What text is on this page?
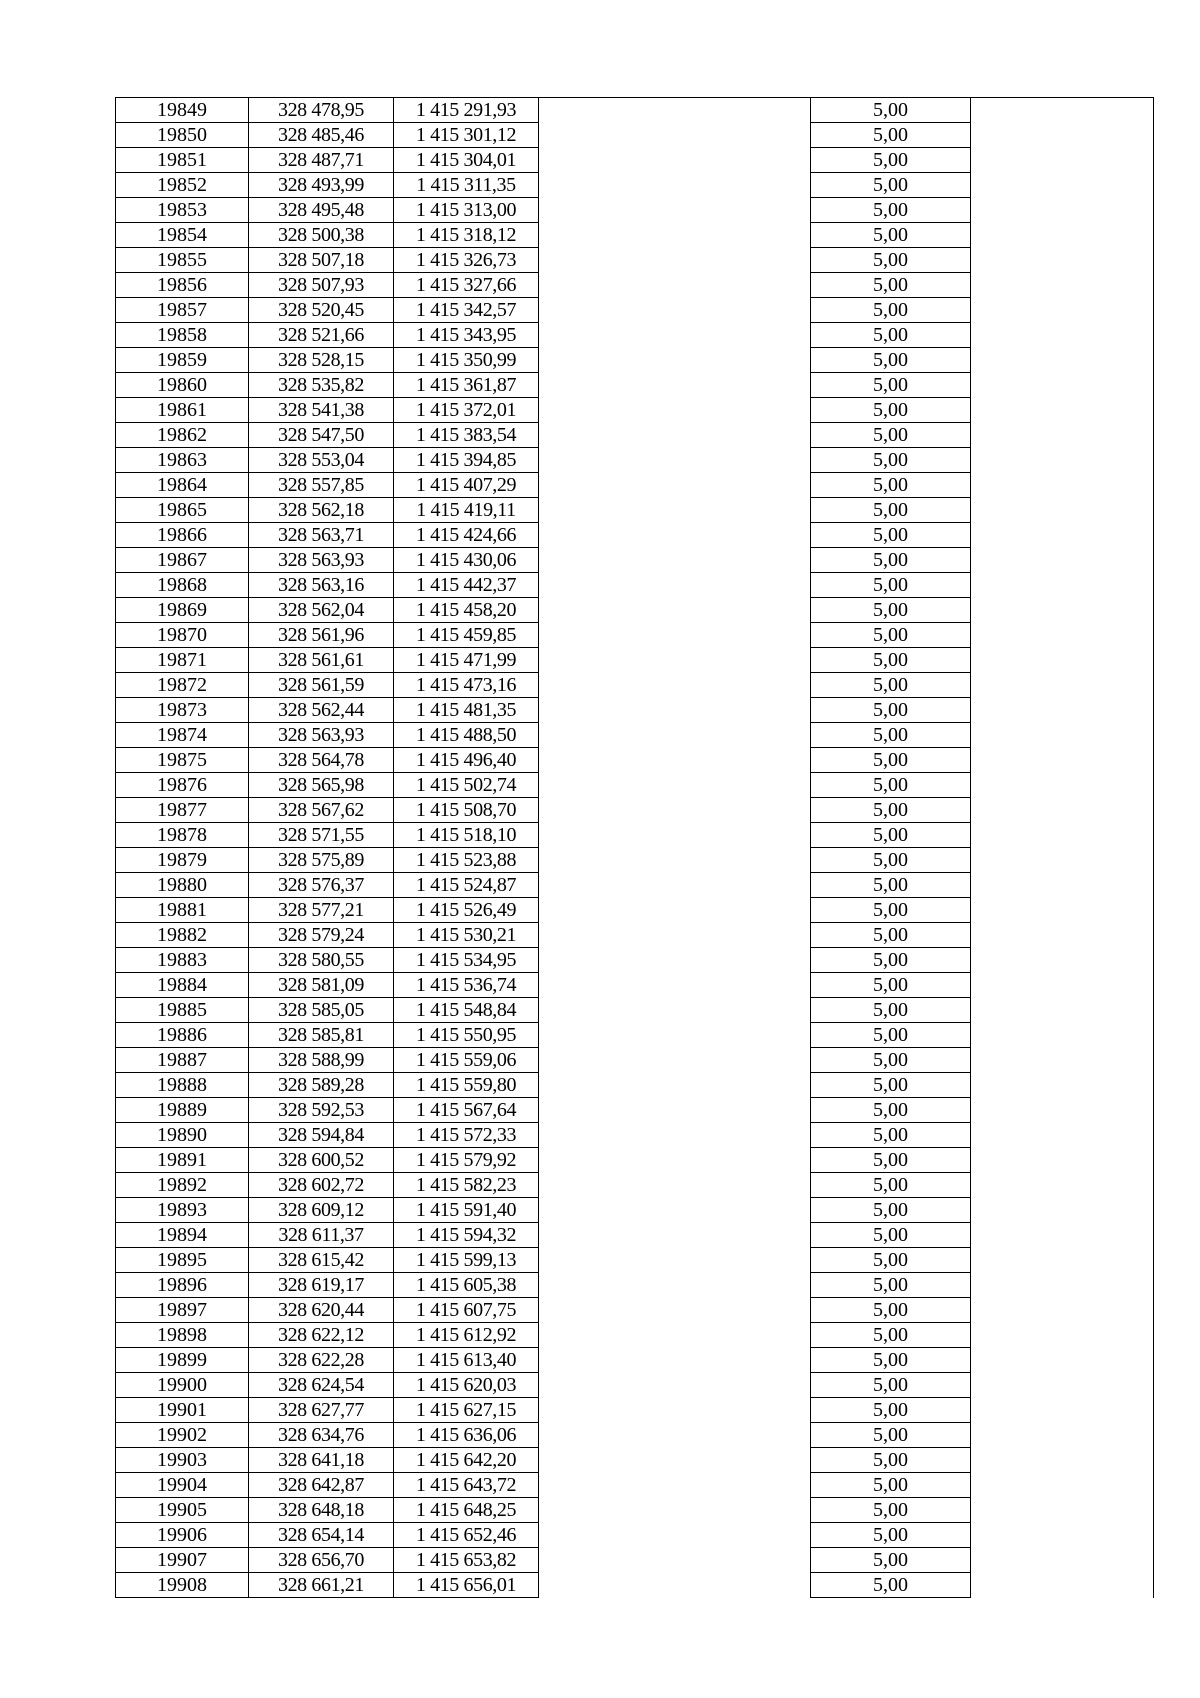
19849	328 478,95	1 415 291,93		5,00	
19850	328 485,46	1 415 301,12		5,00	
19851	328 487,71	1 415 304,01		5,00	
19852	328 493,99	1 415 311,35		5,00	
19853	328 495,48	1 415 313,00		5,00	
19854	328 500,38	1 415 318,12		5,00	
19855	328 507,18	1 415 326,73		5,00	
19856	328 507,93	1 415 327,66		5,00	
19857	328 520,45	1 415 342,57		5,00	
19858	328 521,66	1 415 343,95		5,00	
19859	328 528,15	1 415 350,99		5,00	
19860	328 535,82	1 415 361,87		5,00	
19861	328 541,38	1 415 372,01		5,00	
19862	328 547,50	1 415 383,54		5,00	
19863	328 553,04	1 415 394,85		5,00	
19864	328 557,85	1 415 407,29		5,00	
19865	328 562,18	1 415 419,11		5,00	
19866	328 563,71	1 415 424,66		5,00	
19867	328 563,93	1 415 430,06		5,00	
19868	328 563,16	1 415 442,37		5,00	
19869	328 562,04	1 415 458,20		5,00	
19870	328 561,96	1 415 459,85		5,00	
19871	328 561,61	1 415 471,99		5,00	
19872	328 561,59	1 415 473,16		5,00	
19873	328 562,44	1 415 481,35		5,00	
19874	328 563,93	1 415 488,50		5,00	
19875	328 564,78	1 415 496,40		5,00	
19876	328 565,98	1 415 502,74		5,00	
19877	328 567,62	1 415 508,70		5,00	
19878	328 571,55	1 415 518,10		5,00	
19879	328 575,89	1 415 523,88		5,00	
19880	328 576,37	1 415 524,87		5,00	
19881	328 577,21	1 415 526,49		5,00	
19882	328 579,24	1 415 530,21		5,00	
19883	328 580,55	1 415 534,95		5,00	
19884	328 581,09	1 415 536,74		5,00	
19885	328 585,05	1 415 548,84		5,00	
19886	328 585,81	1 415 550,95		5,00	
19887	328 588,99	1 415 559,06		5,00	
19888	328 589,28	1 415 559,80		5,00	
19889	328 592,53	1 415 567,64		5,00	
19890	328 594,84	1 415 572,33		5,00	
19891	328 600,52	1 415 579,92		5,00	
19892	328 602,72	1 415 582,23		5,00	
19893	328 609,12	1 415 591,40		5,00	
19894	328 611,37	1 415 594,32		5,00	
19895	328 615,42	1 415 599,13		5,00	
19896	328 619,17	1 415 605,38		5,00	
19897	328 620,44	1 415 607,75		5,00	
19898	328 622,12	1 415 612,92		5,00	
19899	328 622,28	1 415 613,40		5,00	
19900	328 624,54	1 415 620,03		5,00	
19901	328 627,77	1 415 627,15		5,00	
19902	328 634,76	1 415 636,06		5,00	
19903	328 641,18	1 415 642,20		5,00	
19904	328 642,87	1 415 643,72		5,00	
19905	328 648,18	1 415 648,25		5,00	
19906	328 654,14	1 415 652,46		5,00	
19907	328 656,70	1 415 653,82		5,00	
19908	328 661,21	1 415 656,01		5,00	
